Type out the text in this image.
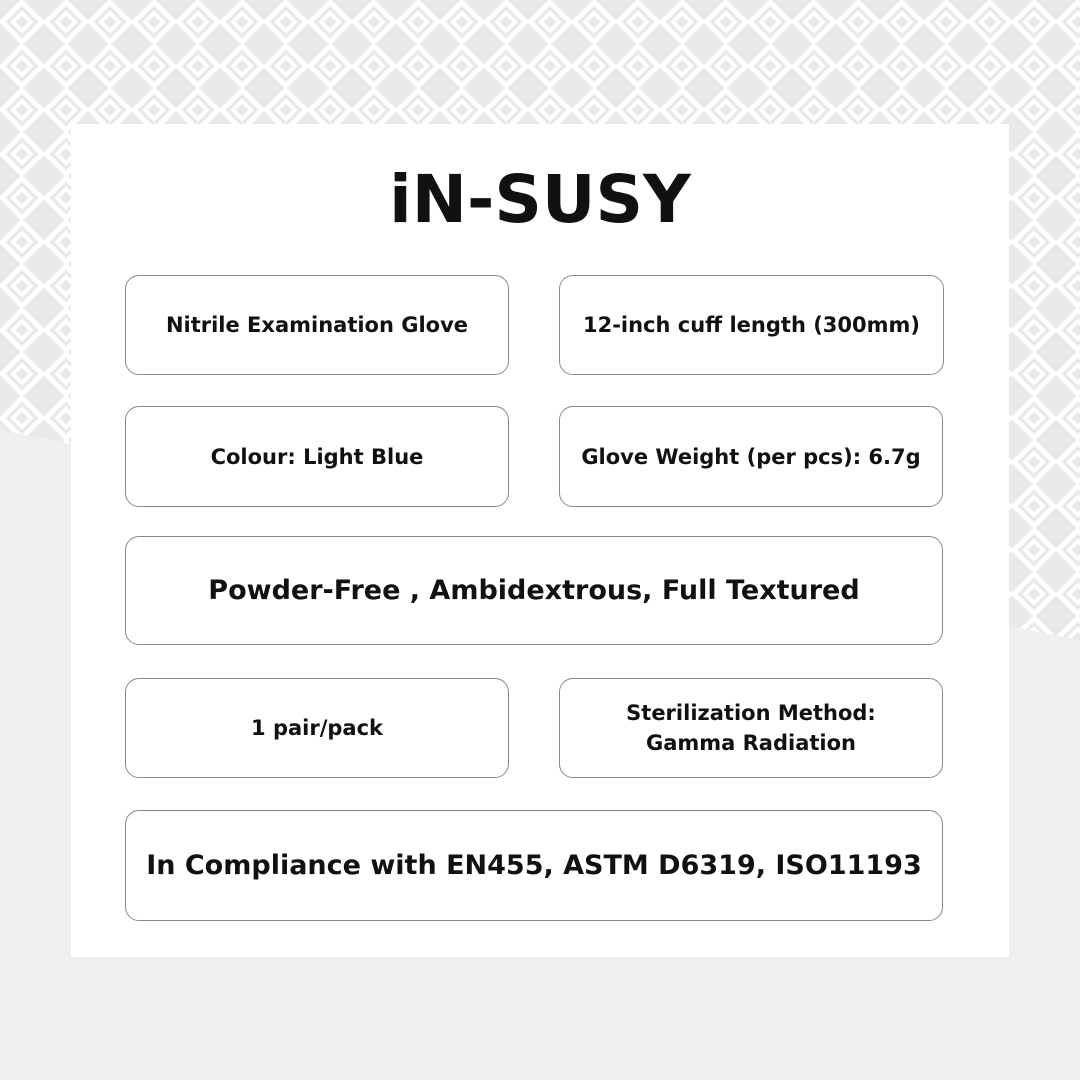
iN-SUSY
Nitrile Examination Glove	12-inch cuff length (300mm)
Colour: Light Blue	Glove Weight (per pcs): 6.7g
Powder-Free , Ambidextrous, Full Textured
1 pair/pack
Sterilization Method:
Gamma Radiation
In Compliance with EN455, ASTM D6319, ISO11193
